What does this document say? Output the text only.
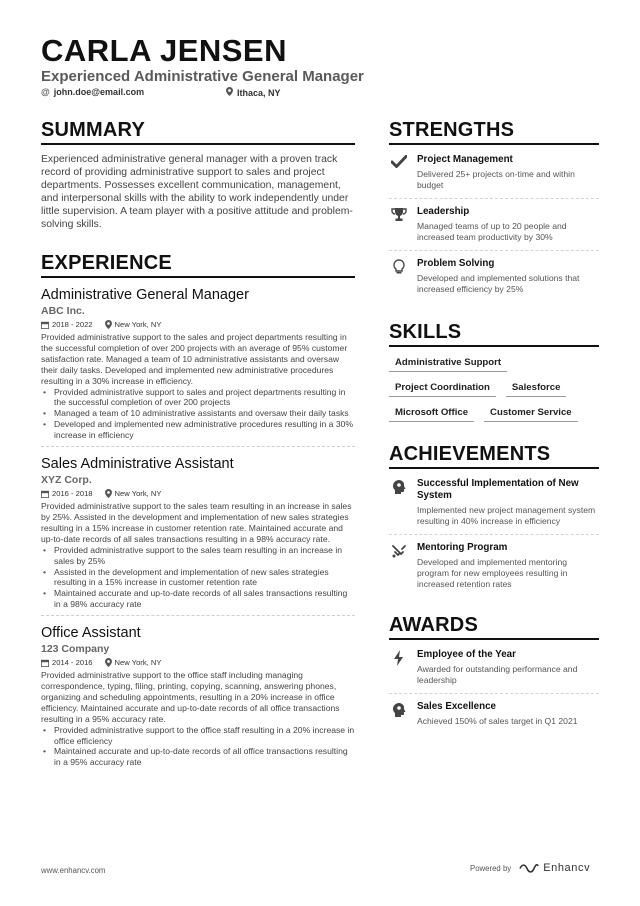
CARLA JENSEN
Experienced Administrative General Manager
@ john.doe@email.com	Ithaca, NY
SUMMARY
Experienced administrative general manager with a proven track record of providing administrative support to sales and project departments. Possesses excellent communication, management, and interpersonal skills with the ability to work independently under little supervision. A team player with a positive attitude and problem-solving skills.
EXPERIENCE
Administrative General Manager
ABC Inc.
2018 - 2022	New York, NY
Provided administrative support to the sales and project departments resulting in the successful completion of over 200 projects with an average of 95% customer satisfaction rate. Managed a team of 10 administrative assistants and oversaw their daily tasks. Developed and implemented new administrative procedures resulting in a 30% increase in efficiency.
• Provided administrative support to sales and project departments resulting in the successful completion of over 200 projects
• Managed a team of 10 administrative assistants and oversaw their daily tasks
• Developed and implemented new administrative procedures resulting in a 30% increase in efficiency
Sales Administrative Assistant
XYZ Corp.
2016 - 2018	New York, NY
Provided administrative support to the sales team resulting in an increase in sales by 25%. Assisted in the development and implementation of new sales strategies resulting in a 15% increase in customer retention rate. Maintained accurate and up-to-date records of all sales transactions resulting in a 98% accuracy rate.
• Provided administrative support to the sales team resulting in an increase in sales by 25%
• Assisted in the development and implementation of new sales strategies resulting in a 15% increase in customer retention rate
• Maintained accurate and up-to-date records of all sales transactions resulting in a 98% accuracy rate
Office Assistant
123 Company
2014 - 2016	New York, NY
Provided administrative support to the office staff including managing correspondence, typing, filing, printing, copying, scanning, answering phones, organizing and scheduling appointments, resulting in a 20% increase in office efficiency. Maintained accurate and up-to-date records of all office transactions resulting in a 95% accuracy rate.
• Provided administrative support to the office staff resulting in a 20% increase in office efficiency
• Maintained accurate and up-to-date records of all office transactions resulting in a 95% accuracy rate
STRENGTHS
Project Management
Delivered 25+ projects on-time and within budget
Leadership
Managed teams of up to 20 people and increased team productivity by 30%
Problem Solving
Developed and implemented solutions that increased efficiency by 25%
SKILLS
Administrative Support
Project Coordination	Salesforce
Microsoft Office	Customer Service
ACHIEVEMENTS
Successful Implementation of New System
Implemented new project management system resulting in 40% increase in efficiency
Mentoring Program
Developed and implemented mentoring program for new employees resulting in increased retention rates
AWARDS
Employee of the Year
Awarded for outstanding performance and leadership
Sales Excellence
Achieved 150% of sales target in Q1 2021
www.enhancv.com	Powered by	Enhancv
